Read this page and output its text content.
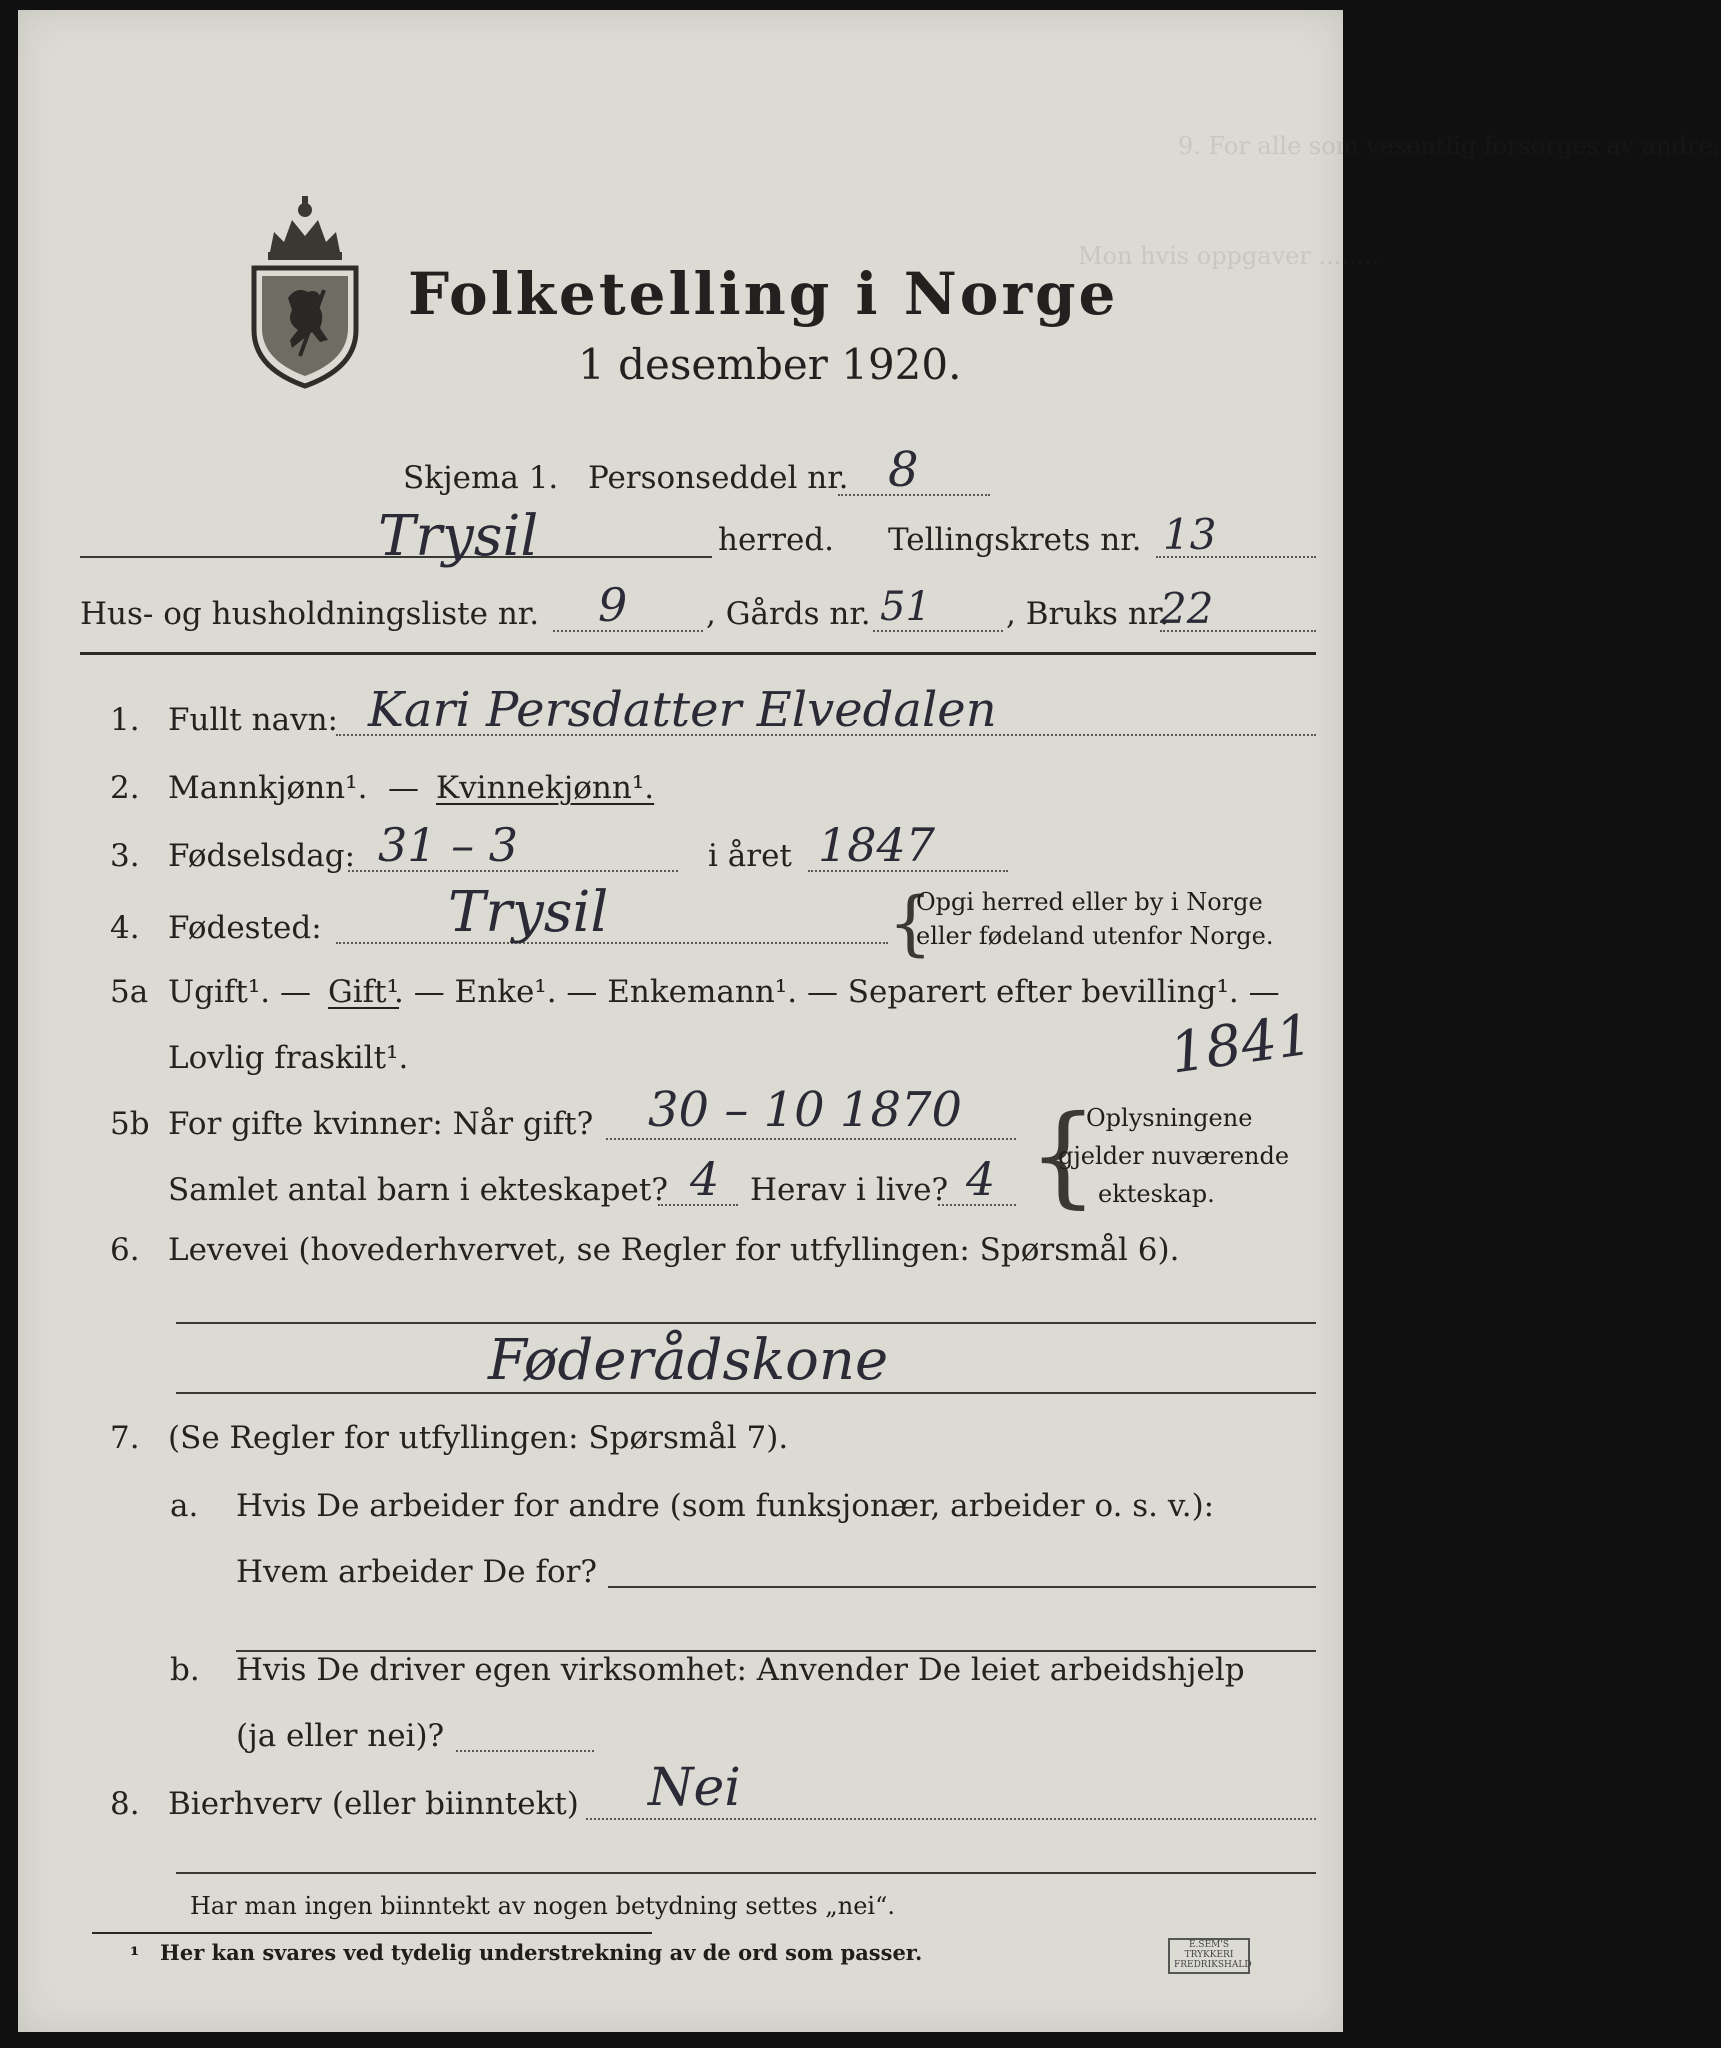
9. For alle som vesentlig forsørges av andre:
Mon hvis oppgaver ........
Folketelling i Norge
1 desember 1920.
Skjema 1. Personseddel nr. 8
Trysil	herred. Tellingskrets nr. 13
Hus- og husholdningsliste nr. 9	, Gårds nr. 51 , Bruks nr.
22
1. Fullt navn: Kari Persdatter Elvedalen
2. Mannkjønn¹. — Kvinnekjønn¹.
3. Fødselsdag: 31 – 3	i året 1847
4. Fødested: Trysil	{
Opgi herred eller by i Norge
eller fødeland utenfor Norge.
5a Ugift¹. — Gift¹
. — Enke¹. — Enkemann¹. — Separert efter bevilling¹. —
Lovlig fraskilt¹.	1841
5b For gifte kvinner: Når gift? 30 – 10 1870
Samlet antal barn i ekteskapet? 4 Herav i live? 4 {
Oplysningene
gjelder nuværende
ekteskap.
6. Levevei (hovederhvervet, se Regler for utfyllingen: Spørsmål 6).
Føderådskone
7. (Se Regler for utfyllingen: Spørsmål 7).
a. Hvis De arbeider for andre (som funksjonær, arbeider o. s. v.):
Hvem arbeider De for?
b. Hvis De driver egen virksomhet: Anvender De leiet arbeidshjelp
(ja eller nei)?
8. Bierhverv (eller biinntekt) Nei
Har man ingen biinntekt av nogen betydning settes „nei“.
¹ Her kan svares ved tydelig understrekning av de ord som passer.	E.SEM'S TRYKKERI FREDRIKSHALD
